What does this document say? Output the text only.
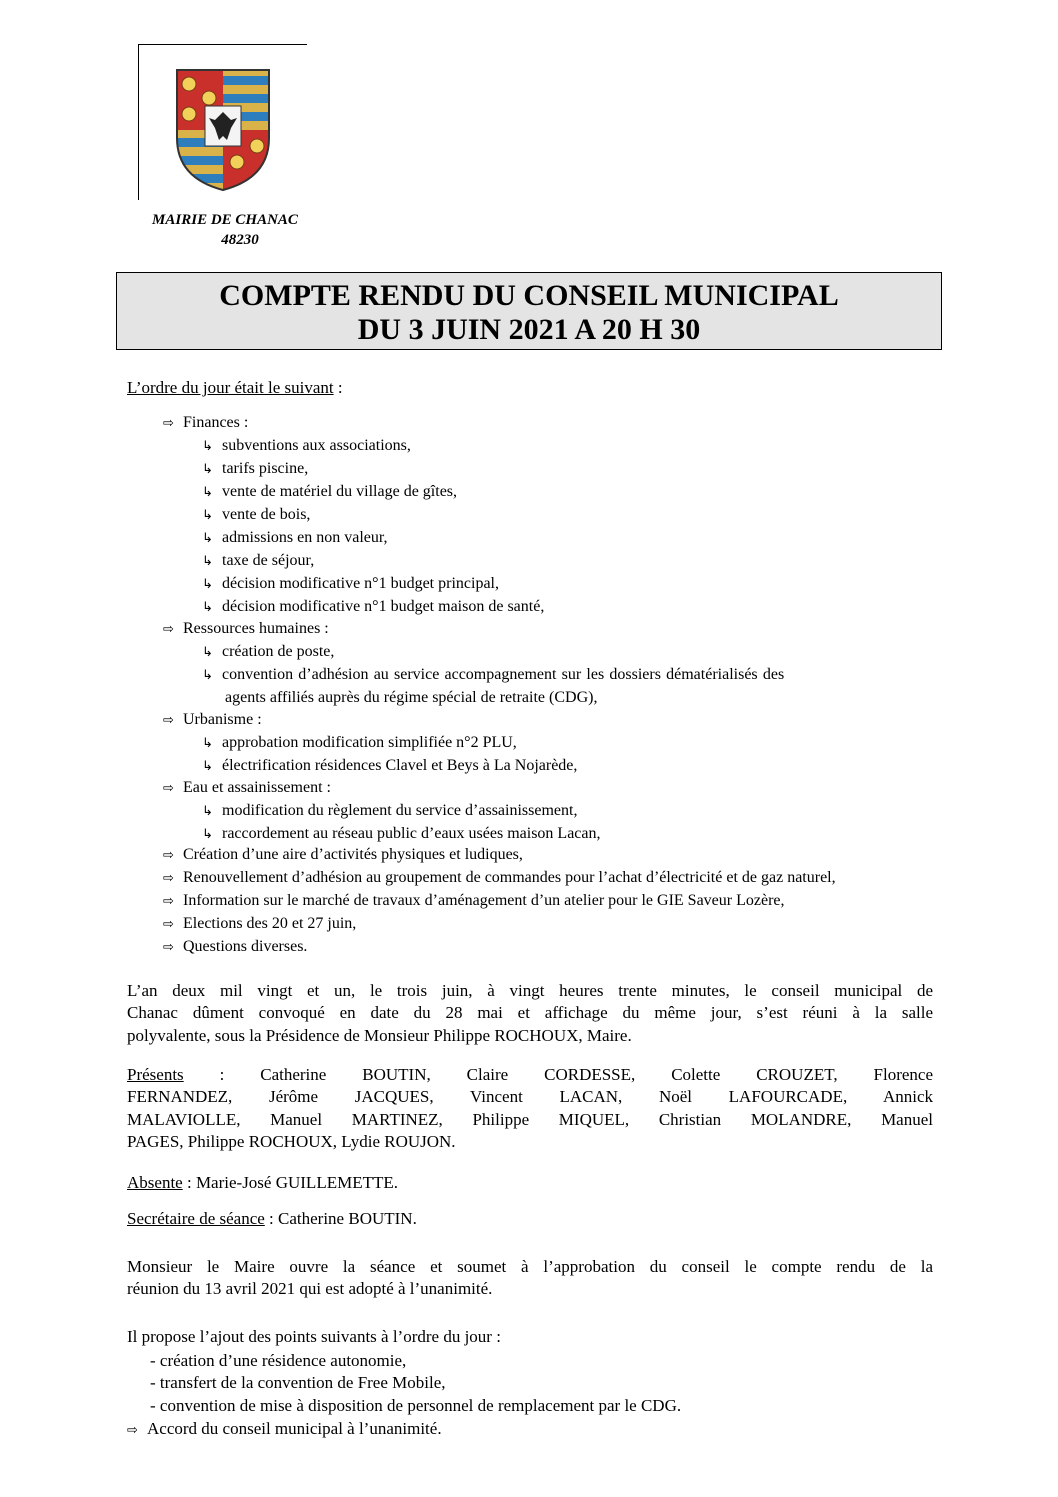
MAIRIE DE CHANAC
48230
COMPTE RENDU DU CONSEIL MUNICIPAL
DU 3 JUIN 2021 A 20 H 30
L’ordre du jour était le suivant :
⇨ Finances :
↳ subventions aux associations,
↳ tarifs piscine,
↳ vente de matériel du village de gîtes,
↳ vente de bois,
↳ admissions en non valeur,
↳ taxe de séjour,
↳ décision modificative n°1 budget principal,
↳ décision modificative n°1 budget maison de santé,
⇨ Ressources humaines :
↳ création de poste,
↳ convention d’adhésion au service accompagnement sur les dossiers dématérialisés des
agents affiliés auprès du régime spécial de retraite (CDG),
⇨ Urbanisme :
↳ approbation modification simplifiée n°2 PLU,
↳ électrification résidences Clavel et Beys à La Nojarède,
⇨ Eau et assainissement :
↳ modification du règlement du service d’assainissement,
↳ raccordement au réseau public d’eaux usées maison Lacan,
⇨ Création d’une aire d’activités physiques et ludiques,
⇨ Renouvellement d’adhésion au groupement de commandes pour l’achat d’électricité et de gaz naturel,
⇨ Information sur le marché de travaux d’aménagement d’un atelier pour le GIE Saveur Lozère,
⇨ Elections des 20 et 27 juin,
⇨ Questions diverses.
L’an deux mil vingt et un, le trois juin, à vingt heures trente minutes, le conseil municipal de
Chanac dûment convoqué en date du 28 mai et affichage du même jour, s’est réuni à la salle
polyvalente, sous la Présidence de Monsieur Philippe ROCHOUX, Maire.
Présents : Catherine BOUTIN, Claire CORDESSE, Colette CROUZET, Florence
FERNANDEZ, Jérôme JACQUES, Vincent LACAN, Noël LAFOURCADE, Annick
MALAVIOLLE, Manuel MARTINEZ, Philippe MIQUEL, Christian MOLANDRE, Manuel
PAGES, Philippe ROCHOUX, Lydie ROUJON.
Absente : Marie-José GUILLEMETTE.
Secrétaire de séance : Catherine BOUTIN.
Monsieur le Maire ouvre la séance et soumet à l’approbation du conseil le compte rendu de la
réunion du 13 avril 2021 qui est adopté à l’unanimité.
Il propose l’ajout des points suivants à l’ordre du jour :
- création d’une résidence autonomie,
- transfert de la convention de Free Mobile,
- convention de mise à disposition de personnel de remplacement par le CDG.
⇨ Accord du conseil municipal à l’unanimité.
